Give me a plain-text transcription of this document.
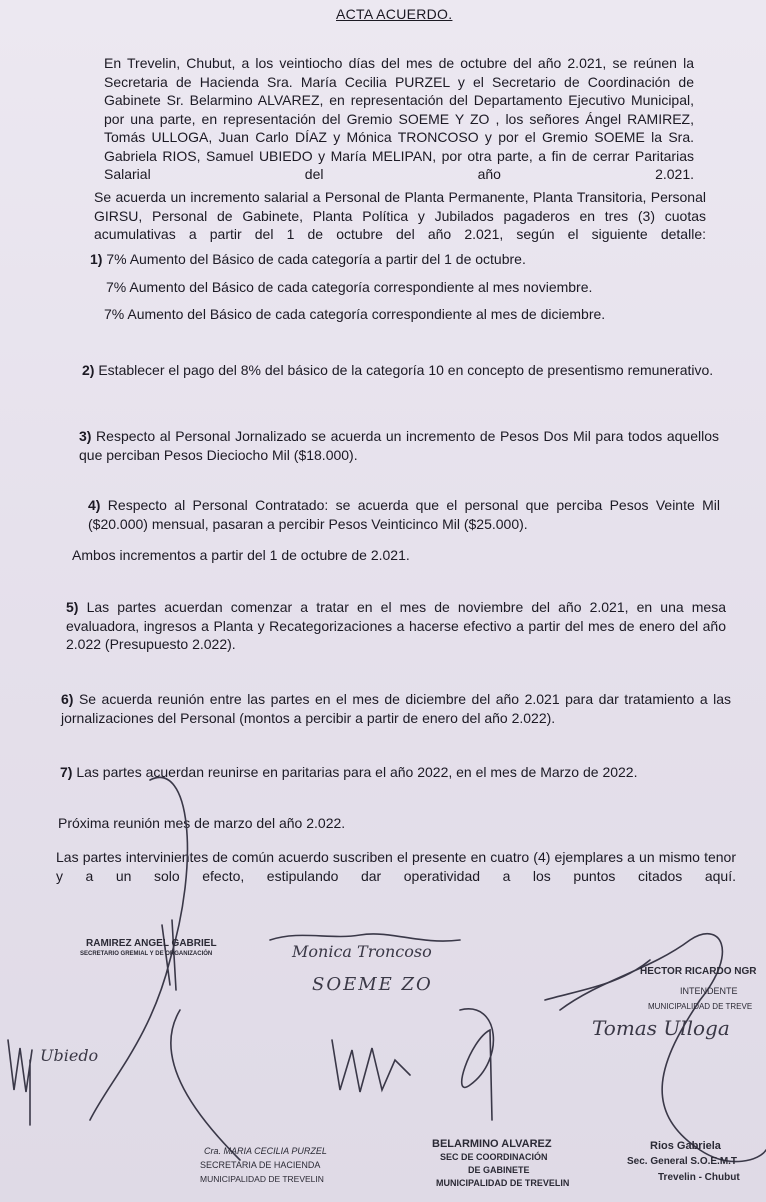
ACTA ACUERDO.

En Trevelin, Chubut, a los veintiocho días del mes de octubre del año 2.021, se reúnen la Secretaria de Hacienda Sra. María Cecilia PURZEL y el Secretario de Coordinación de Gabinete Sr. Belarmino ALVAREZ, en representación del Departamento Ejecutivo Municipal, por una parte, en representación del Gremio SOEME Y ZO , los señores Ángel RAMIREZ, Tomás ULLOGA, Juan Carlo DÍAZ y Mónica TRONCOSO y por el Gremio SOEME la Sra. Gabriela RIOS, Samuel UBIEDO y María MELIPAN, por otra parte, a fin de cerrar Paritarias Salarial del año 2.021.

Se acuerda un incremento salarial a Personal de Planta Permanente, Planta Transitoria, Personal GIRSU, Personal de Gabinete, Planta Política y Jubilados pagaderos en tres (3) cuotas acumulativas a partir del 1 de octubre del año 2.021, según el siguiente detalle:

1) 7% Aumento del Básico de cada categoría a partir del 1 de octubre.
7% Aumento del Básico de cada categoría correspondiente al mes noviembre.
7% Aumento del Básico de cada categoría correspondiente al mes de diciembre.
2) Establecer el pago del 8% del básico de la categoría 10 en concepto de presentismo remunerativo.
3) Respecto al Personal Jornalizado se acuerda un incremento de Pesos Dos Mil para todos aquellos que perciban Pesos Dieciocho Mil ($18.000).
4) Respecto al Personal Contratado: se acuerda que el personal que perciba Pesos Veinte Mil ($20.000) mensual, pasaran a percibir Pesos Veinticinco Mil ($25.000).
Ambos incrementos a partir del 1 de octubre de 2.021.
5) Las partes acuerdan comenzar a tratar en el mes de noviembre del año 2.021, en una mesa evaluadora, ingresos a Planta y Recategorizaciones a hacerse efectivo a partir del mes de enero del año 2.022 (Presupuesto 2.022).
6) Se acuerda reunión entre las partes en el mes de diciembre del año 2.021 para dar tratamiento a las jornalizaciones del Personal (montos a percibir a partir de enero del año 2.022).
7) Las partes acuerdan reunirse en paritarias para el año 2022, en el mes de Marzo de 2022.
Próxima reunión mes de marzo del año 2.022.

Las partes intervinientes de común acuerdo suscriben el presente en cuatro (4) ejemplares a un mismo tenor y a un solo efecto, estipulando dar operatividad a los puntos citados aquí.

RAMIREZ ANGEL GABRIEL
SECRETARIO GREMIAL Y DE ORGANIZACIÓN	Monica Troncoso
SOEME ZO
HECTOR RICARDO NGR
INTENDENTE
MUNICIPALIDAD DE TREVE
Tomas Ulloga
Ubiedo
Cra. MARIA CECILIA PURZEL
SECRETARIA DE HACIENDA
MUNICIPALIDAD DE TREVELIN
BELARMINO ALVAREZ
SEC DE COORDINACIÓN
DE GABINETE
MUNICIPALIDAD DE TREVELIN
Rios Gabriela
Sec. General S.O.E.M.T
Trevelin - Chubut
